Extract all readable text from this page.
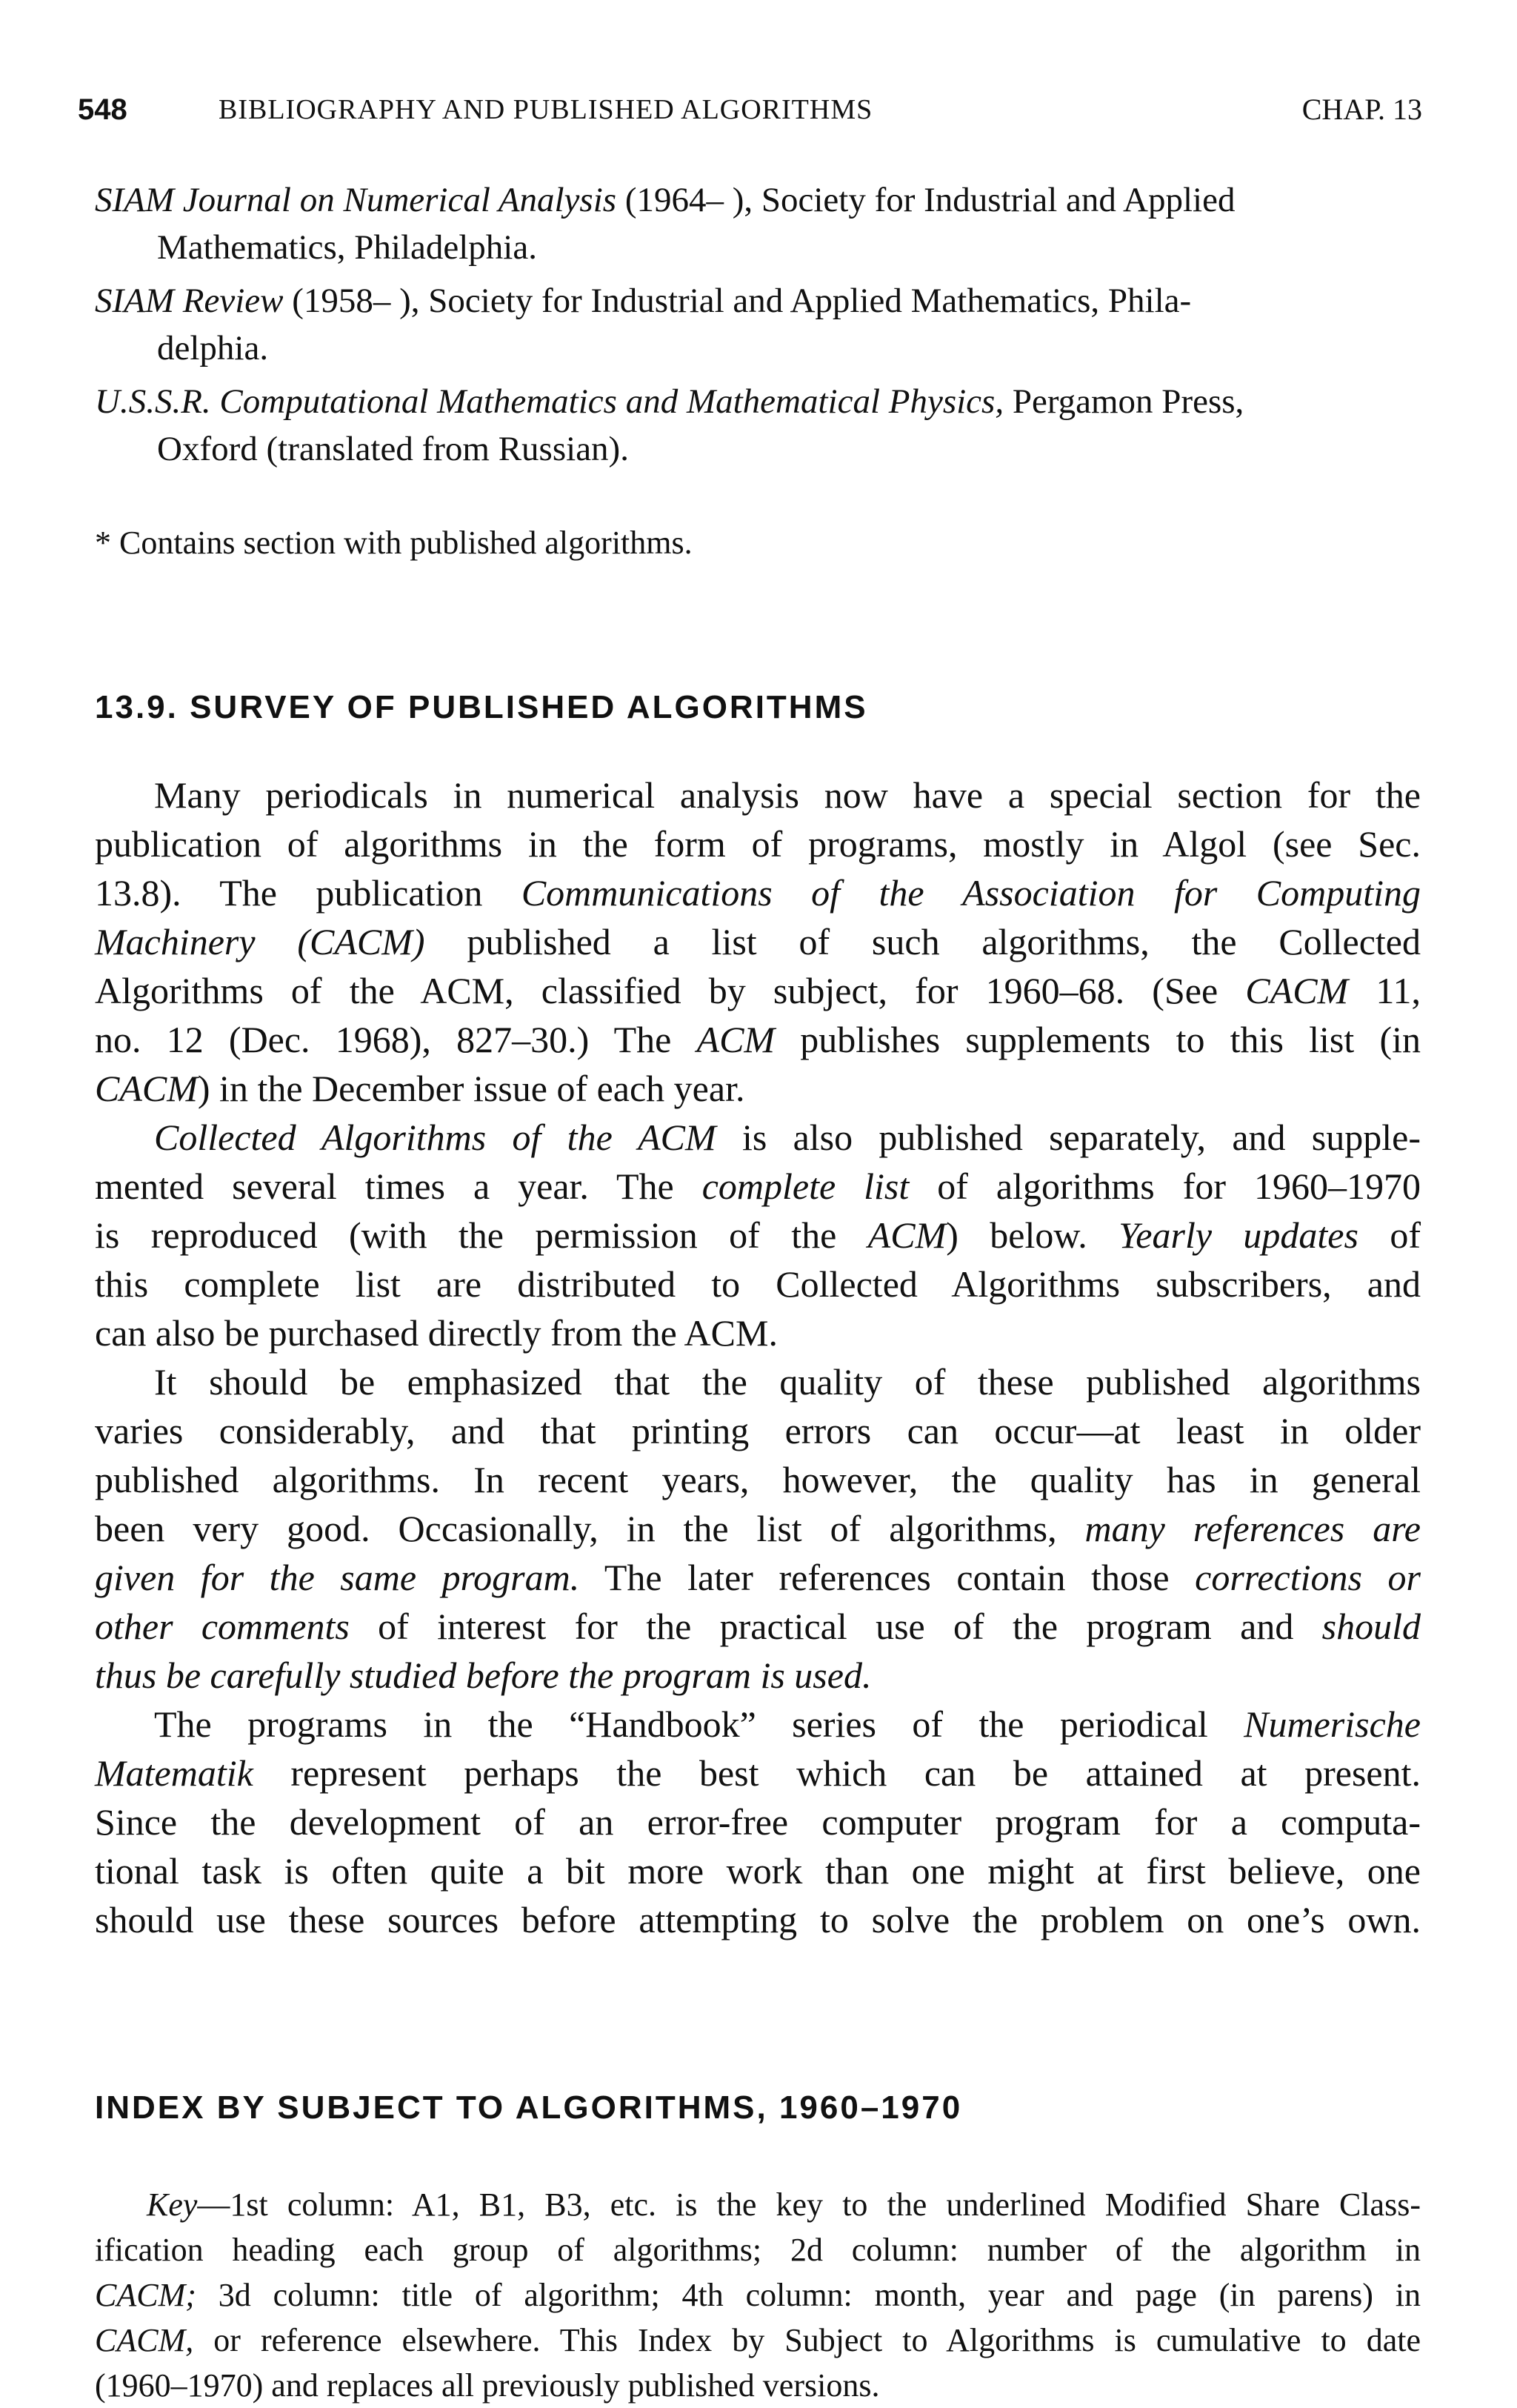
548	BIBLIOGRAPHY AND PUBLISHED ALGORITHMS	CHAP. 13
SIAM Journal on Numerical Analysis (1964– ), Society for Industrial and Applied
Mathematics, Philadelphia.
SIAM Review (1958– ), Society for Industrial and Applied Mathematics, Phila-
delphia.
U.S.S.R. Computational Mathematics and Mathematical Physics, Pergamon Press,
Oxford (translated from Russian).
* Contains section with published algorithms.
13.9. SURVEY OF PUBLISHED ALGORITHMS
Many periodicals in numerical analysis now have a special section for the
publication of algorithms in the form of programs, mostly in Algol (see Sec.
13.8). The publication Communications of the Association for Computing
Machinery (CACM) published a list of such algorithms, the Collected
Algorithms of the ACM, classified by subject, for 1960–68. (See CACM 11,
no. 12 (Dec. 1968), 827–30.) The ACM publishes supplements to this list (in
CACM) in the December issue of each year.
Collected Algorithms of the ACM is also published separately, and supple-
mented several times a year. The complete list of algorithms for 1960–1970
is reproduced (with the permission of the ACM) below. Yearly updates of
this complete list are distributed to Collected Algorithms subscribers, and
can also be purchased directly from the ACM.
It should be emphasized that the quality of these published algorithms
varies considerably, and that printing errors can occur—at least in older
published algorithms. In recent years, however, the quality has in general
been very good. Occasionally, in the list of algorithms, many references are
given for the same program. The later references contain those corrections or
other comments of interest for the practical use of the program and should
thus be carefully studied before the program is used.
The programs in the “Handbook” series of the periodical Numerische
Matematik represent perhaps the best which can be attained at present.
Since the development of an error-free computer program for a computa-
tional task is often quite a bit more work than one might at first believe, one
should use these sources before attempting to solve the problem on one’s own.
INDEX BY SUBJECT TO ALGORITHMS, 1960–1970
Key—1st column: A1, B1, B3, etc. is the key to the underlined Modified Share Class-
ification heading each group of algorithms; 2d column: number of the algorithm in
CACM; 3d column: title of algorithm; 4th column: month, year and page (in parens) in
CACM, or reference elsewhere. This Index by Subject to Algorithms is cumulative to date
(1960–1970) and replaces all previously published versions.
